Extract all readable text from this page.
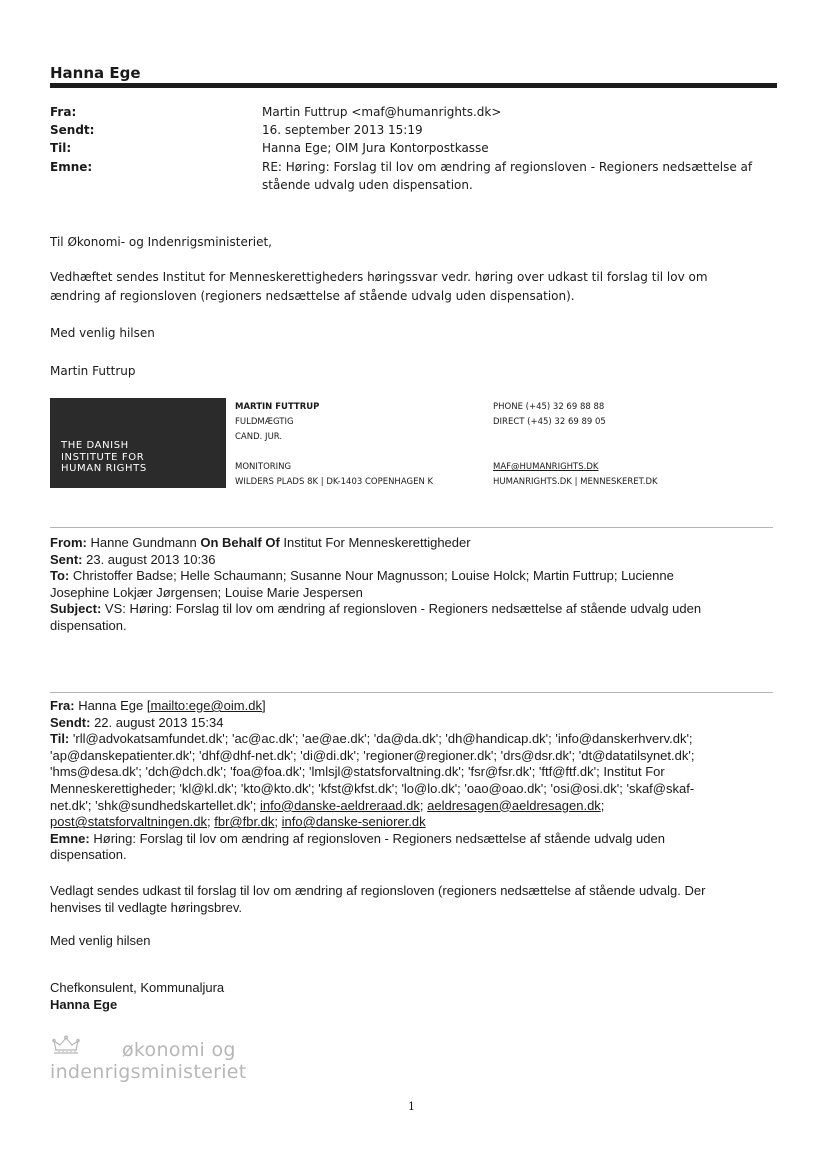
Hanna Ege
Fra:	Martin Futtrup <maf@humanrights.dk>
Sendt:	16. september 2013 15:19
Til:	Hanna Ege; OIM Jura Kontorpostkasse
Emne:	RE: Høring: Forslag til lov om ændring af regionsloven - Regioners nedsættelse af
stående udvalg uden dispensation.
Til Økonomi- og Indenrigsministeriet,
Vedhæftet sendes Institut for Menneskerettigheders høringssvar vedr. høring over udkast til forslag til lov om
ændring af regionsloven (regioners nedsættelse af stående udvalg uden dispensation).
Med venlig hilsen
Martin Futtrup
THE DANISH
INSTITUTE FOR
HUMAN RIGHTS
MARTIN FUTTRUP
FULDMÆGTIG
CAND. JUR.
MONITORING
WILDERS PLADS 8K | DK-1403 COPENHAGEN K
PHONE (+45) 32 69 88 88
DIRECT (+45) 32 69 89 05
MAF@HUMANRIGHTS.DK
HUMANRIGHTS.DK | MENNESKERET.DK
From: Hanne Gundmann On Behalf Of Institut For Menneskerettigheder
Sent: 23. august 2013 10:36
To: Christoffer Badse; Helle Schaumann; Susanne Nour Magnusson; Louise Holck; Martin Futtrup; Lucienne
Josephine Lokjær Jørgensen; Louise Marie Jespersen
Subject: VS: Høring: Forslag til lov om ændring af regionsloven - Regioners nedsættelse af stående udvalg uden
dispensation.
Fra: Hanna Ege [mailto:ege@oim.dk]
Sendt: 22. august 2013 15:34
Til: 'rll@advokatsamfundet.dk'; 'ac@ac.dk'; 'ae@ae.dk'; 'da@da.dk'; 'dh@handicap.dk'; 'info@danskerhverv.dk';
'ap@danskepatienter.dk'; 'dhf@dhf-net.dk'; 'di@di.dk'; 'regioner@regioner.dk'; 'drs@dsr.dk'; 'dt@datatilsynet.dk';
'hms@desa.dk'; 'dch@dch.dk'; 'foa@foa.dk'; 'lmlsjl@statsforvaltning.dk'; 'fsr@fsr.dk'; 'ftf@ftf.dk'; Institut For
Menneskerettigheder; 'kl@kl.dk'; 'kto@kto.dk'; 'kfst@kfst.dk'; 'lo@lo.dk'; 'oao@oao.dk'; 'osi@osi.dk'; 'skaf@skaf-
net.dk'; 'shk@sundhedskartellet.dk'; info@danske-aeldreraad.dk; aeldresagen@aeldresagen.dk;
post@statsforvaltningen.dk; fbr@fbr.dk; info@danske-seniorer.dk
Emne: Høring: Forslag til lov om ændring af regionsloven - Regioners nedsættelse af stående udvalg uden
dispensation.
Vedlagt sendes udkast til forslag til lov om ændring af regionsloven (regioners nedsættelse af stående udvalg. Der
henvises til vedlagte høringsbrev.
Med venlig hilsen
Chefkonsulent, Kommunaljura
Hanna Ege
økonomi og
indenrigsministeriet
1
